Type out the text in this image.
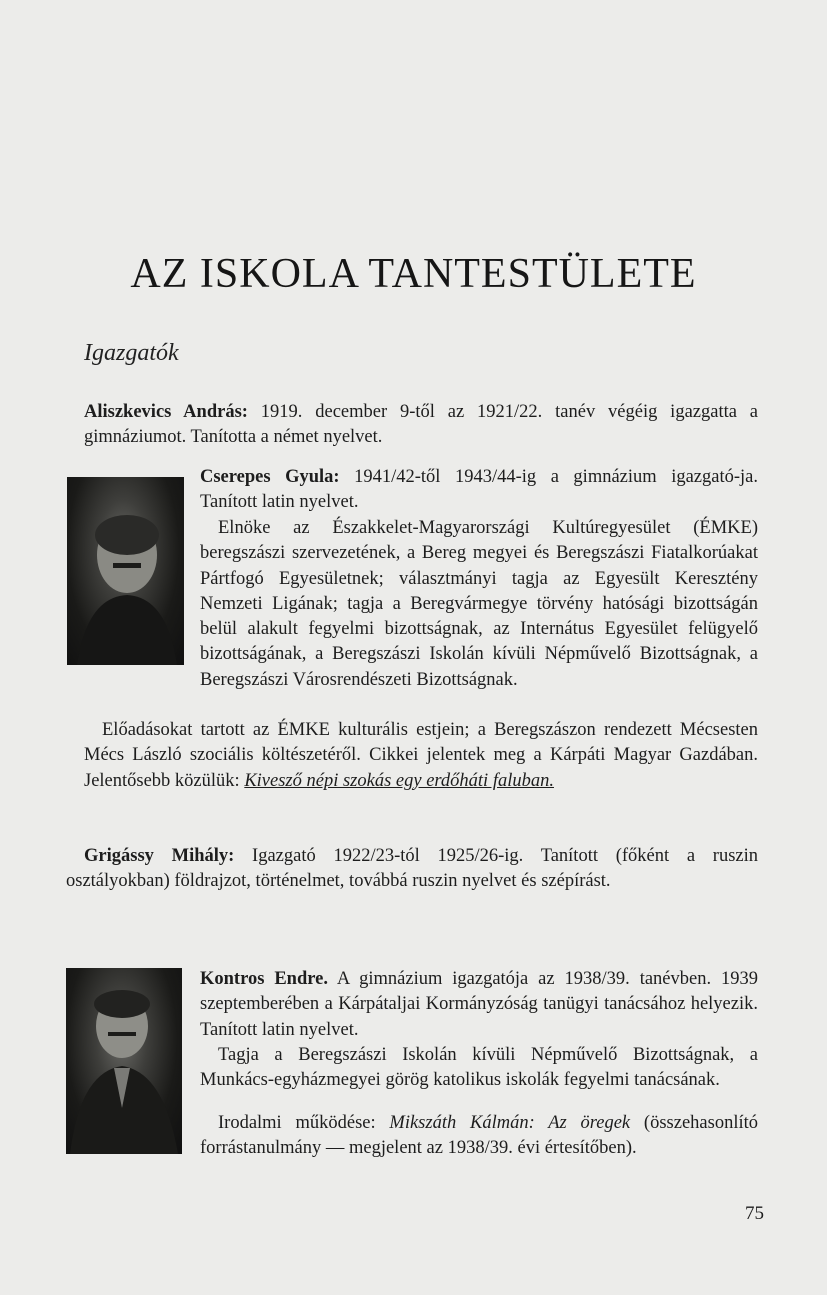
AZ ISKOLA TANTESTÜLETE
Igazgatók
Aliszkevics András: 1919. december 9-től az 1921/22. tanév végéig igazgatta a gimnáziumot. Tanította a német nyelvet.
Cserepes Gyula: 1941/42-től 1943/44-ig a gimnázium igazgató-ja. Tanított latin nyelvet.
Elnöke az Északkelet-Magyarországi Kultúregyesület (ÉMKE) beregszászi szervezetének, a Bereg megyei és Beregszászi Fiatalkorúakat Pártfogó Egyesületnek; választmányi tagja az Egyesült Keresztény Nemzeti Ligának; tagja a Beregvármegye törvény hatósági bizottságán belül alakult fegyelmi bizottságnak, az Internátus Egyesület felügyelő bizottságának, a Beregszászi Iskolán kívüli Népművelő Bizottságnak, a Beregszászi Városrendészeti Bizottságnak.
Előadásokat tartott az ÉMKE kulturális estjein; a Beregszászon rendezett Mécsesten Mécs László szociális költészetéről. Cikkei jelentek meg a Kárpáti Magyar Gazdában. Jelentősebb közülük: Kivesző népi szokás egy erdőháti faluban.
Grigássy Mihály: Igazgató 1922/23-tól 1925/26-ig. Tanított (főként a ruszin osztályokban) földrajzot, történelmet, továbbá ruszin nyelvet és szépírást.
Kontros Endre. A gimnázium igazgatója az 1938/39. tanévben. 1939 szeptemberében a Kárpátaljai Kormányzóság tanügyi tanácsához helyezik. Tanított latin nyelvet.
Tagja a Beregszászi Iskolán kívüli Népművelő Bizottságnak, a Munkács-egyházmegyei görög katolikus iskolák fegyelmi tanácsának.
Irodalmi működése: Mikszáth Kálmán: Az öregek (összehasonlító forrástanulmány — megjelent az 1938/39. évi értesítőben).
75
